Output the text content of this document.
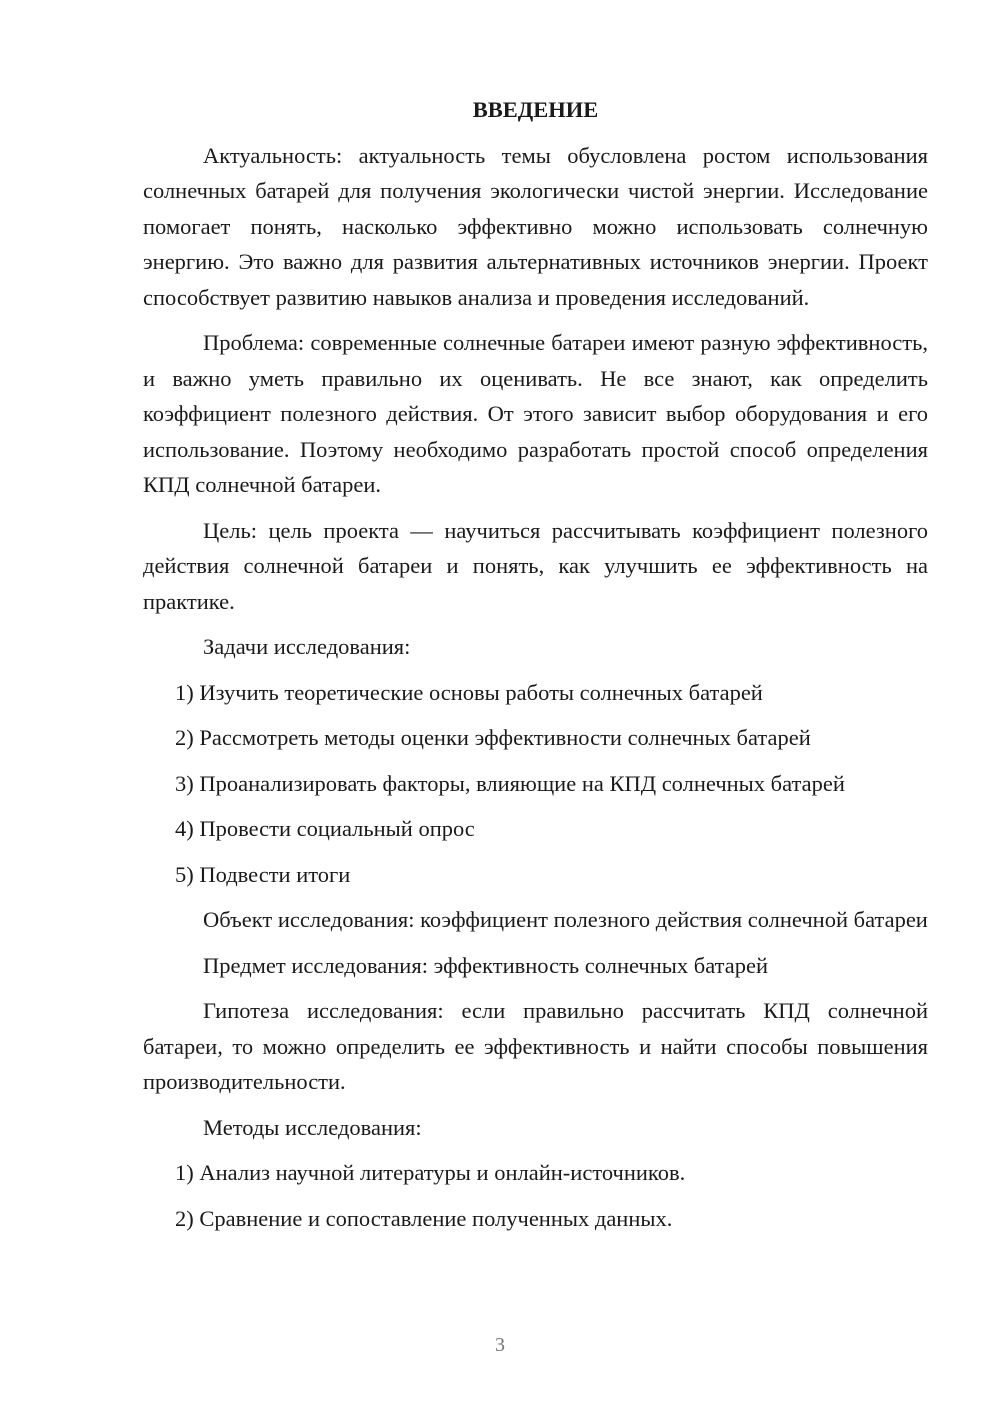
ВВЕДЕНИЕ

Актуальность: актуальность темы обусловлена ростом использования солнечных батарей для получения экологически чистой энергии. Исследование помогает понять, насколько эффективно можно использовать солнечную энергию. Это важно для развития альтернативных источников энергии. Проект способствует развитию навыков анализа и проведения исследований.

Проблема: современные солнечные батареи имеют разную эффективность, и важно уметь правильно их оценивать. Не все знают, как определить коэффициент полезного действия. От этого зависит выбор оборудования и его использование. Поэтому необходимо разработать простой способ определения КПД солнечной батареи.

Цель: цель проекта — научиться рассчитывать коэффициент полезного действия солнечной батареи и понять, как улучшить ее эффективность на практике.

Задачи исследования:

1) Изучить теоретические основы работы солнечных батарей
2) Рассмотреть методы оценки эффективности солнечных батарей
3) Проанализировать факторы, влияющие на КПД солнечных батарей
4) Провести социальный опрос
5) Подвести итоги

Объект исследования: коэффициент полезного действия солнечной батареи

Предмет исследования: эффективность солнечных батарей

Гипотеза исследования: если правильно рассчитать КПД солнечной батареи, то можно определить ее эффективность и найти способы повышения производительности.

Методы исследования:

1) Анализ научной литературы и онлайн-источников.
2) Сравнение и сопоставление полученных данных.
3
